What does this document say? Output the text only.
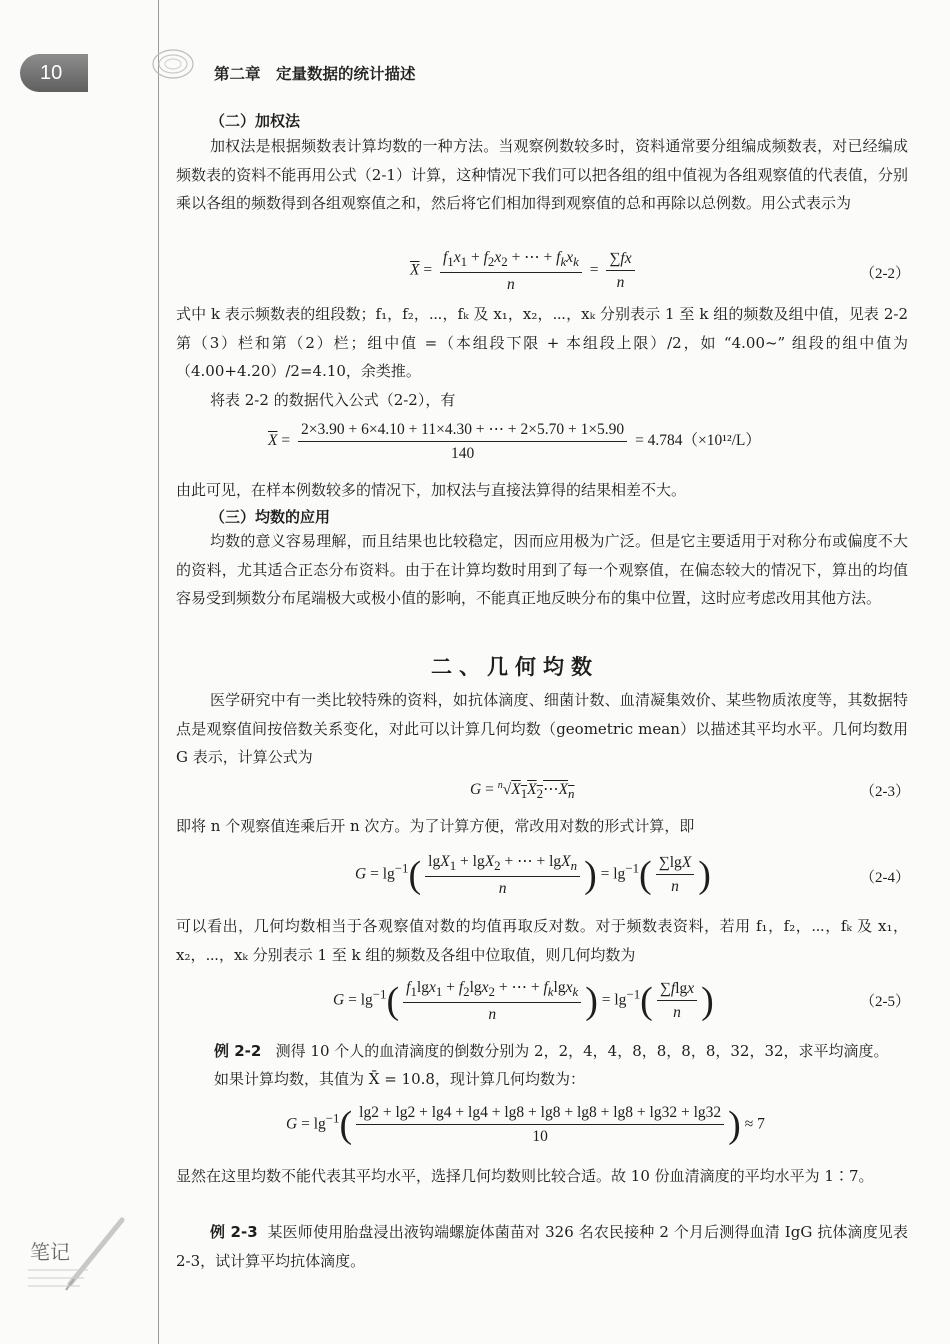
10	第二章　定量数据的统计描述
（二）加权法
加权法是根据频数表计算均数的一种方法。当观察例数较多时，资料通常要分组编成频数表，对已经编成频数表的资料不能再用公式（2-1）计算，这种情况下我们可以把各组的组中值视为各组观察值的代表值，分别乘以各组的频数得到各组观察值之和，然后将它们相加得到观察值的总和再除以总例数。用公式表示为
$\overline{X} = \frac{f_1x_1 + f_2x_2 + \cdots + f_kx_k}{n} = \frac{\sum fx}{n}$	（2-2）
式中 k 表示频数表的组段数；f₁，f₂，⋯，fₖ 及 x₁，x₂，⋯，xₖ 分别表示 1 至 k 组的频数及组中值，见表 2-2 第（3）栏和第（2）栏；组中值 =（本组段下限 + 本组段上限）/2，如 “4.00~” 组段的组中值为（4.00+4.20）/2=4.10，余类推。
将表 2-2 的数据代入公式（2-2），有
$\overline{X} = \frac{2\times 3.90 + 6\times 4.10 + 11\times 4.30 + \cdots + 2\times 5.70 + 1\times 5.90}{140} = 4.784(\times 10^{12}/L)$
由此可见，在样本例数较多的情况下，加权法与直接法算得的结果相差不大。
（三）均数的应用
均数的意义容易理解，而且结果也比较稳定，因而应用极为广泛。但是它主要适用于对称分布或偏度不大的资料，尤其适合正态分布资料。由于在计算均数时用到了每一个观察值，在偏态较大的情况下，算出的均值容易受到频数分布尾端极大或极小值的影响，不能真正地反映分布的集中位置，这时应考虑改用其他方法。
二、几何均数
医学研究中有一类比较特殊的资料，如抗体滴度、细菌计数、血清凝集效价、某些物质浓度等，其数据特点是观察值间按倍数关系变化，对此可以计算几何均数（geometric mean）以描述其平均水平。几何均数用 G 表示，计算公式为
$G = ^n√X_1X_2\cdots X_n$	（2-3）
即将 n 个观察值连乘后开 n 次方。为了计算方便，常改用对数的形式计算，即
$G = \lg^{-1}( \frac{\lg X_1 + \lg X_2 + \cdots + \lg X_n}{n}$ ) = $\lg^{-1}( \frac{\sum\lg X}{n}$ )	（2-4）
可以看出，几何均数相当于各观察值对数的均值再取反对数。对于频数表资料，若用 f₁，f₂，⋯，fₖ 及 x₁，x₂，⋯，xₖ 分别表示 1 至 k 组的频数及各组中位取值，则几何均数为
$G = \lg^{-1}( \frac{f_1\lg x_1 + f_2\lg x_2 + \cdots + f_k\lg x_k}{n}$ ) = $\lg^{-1}( \frac{\sum flgx}{n}$ )	（2-5）
例 2-2 测得 10 个人的血清滴度的倒数分别为 2，2，4，4，8，8，8，8，32，32，求平均滴度。
如果计算均数，其值为 X̄ = 10.8，现计算几何均数为：
$G = \lg^{-1}( \frac{\lg 2 + \lg 2 + \lg 4 + \lg 4 + \lg 8 + \lg 8 + \lg 8 + \lg 8 + \lg 32 + \lg 32}{10}$ ) ≈ 7
显然在这里均数不能代表其平均水平，选择几何均数则比较合适。故 10 份血清滴度的平均水平为 1∶7。
例 2-3 某医师使用胎盘浸出液钩端螺旋体菌苗对 326 名农民接种 2 个月后测得血清 IgG 抗体滴度见表 2-3，试计算平均抗体滴度。
笔记
